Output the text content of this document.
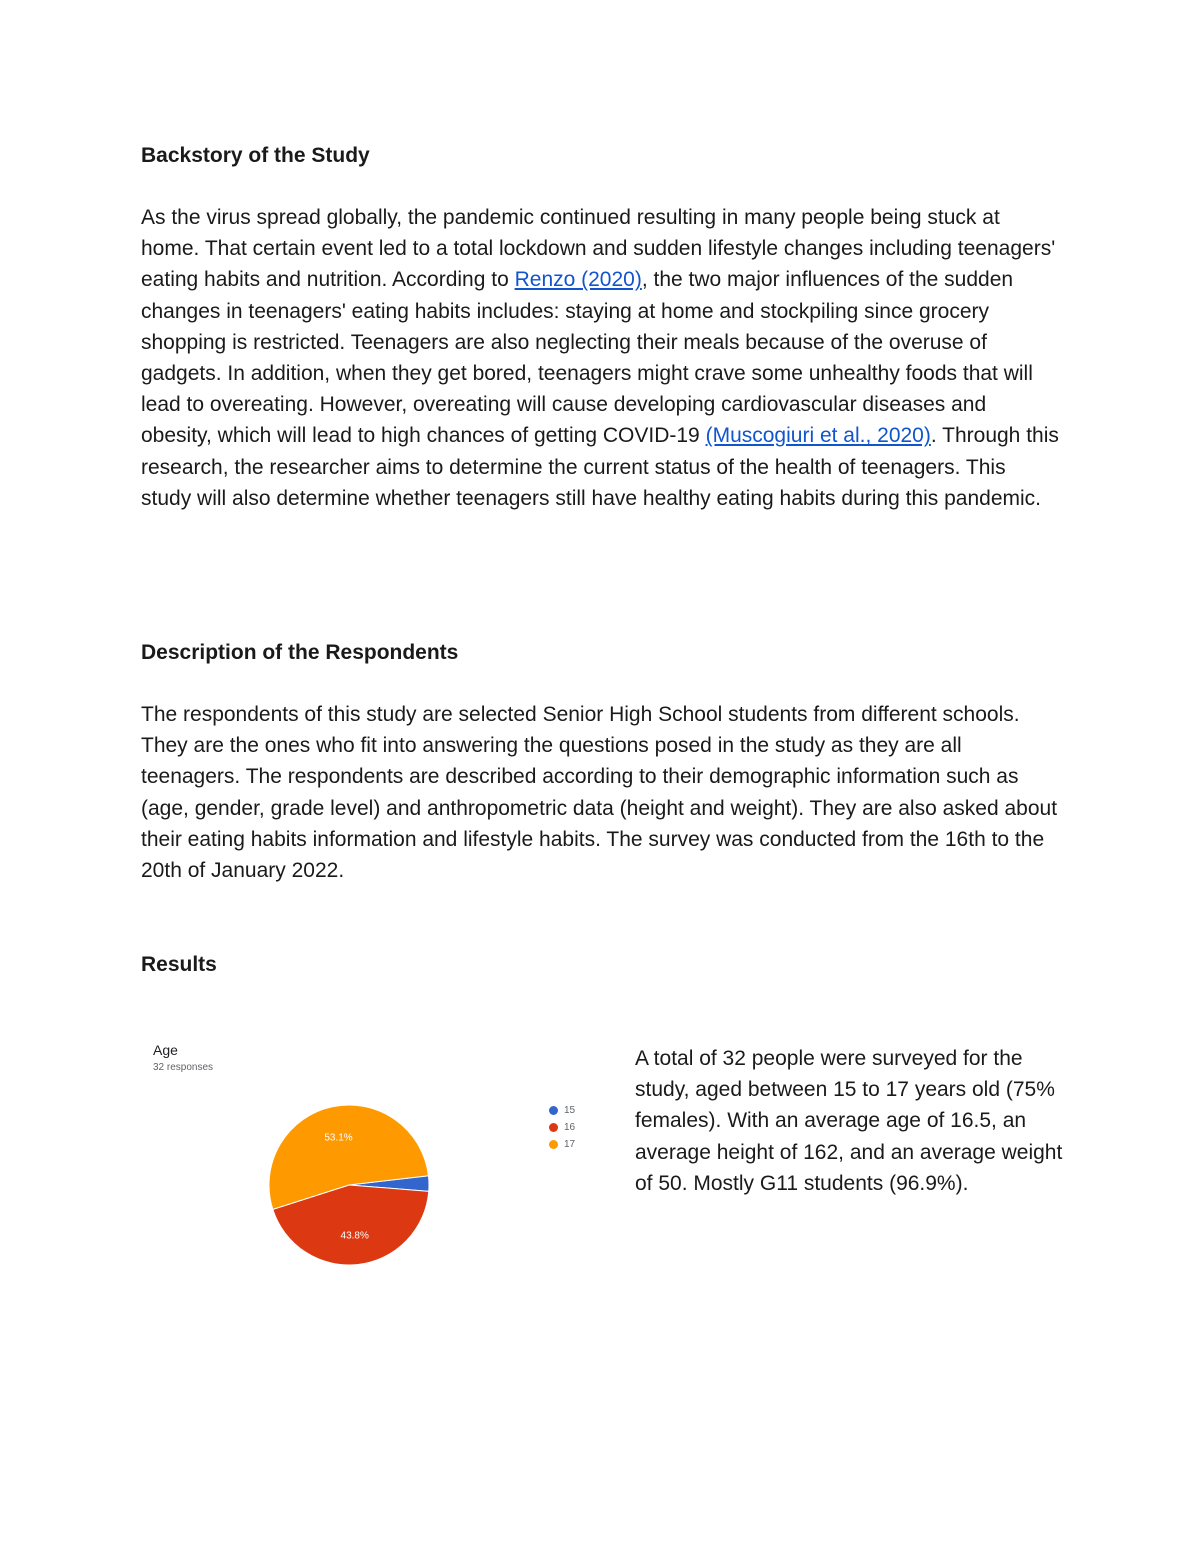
Backstory of the Study

As the virus spread globally, the pandemic continued resulting in many people being stuck at home. That certain event led to a total lockdown and sudden lifestyle changes including teenagers' eating habits and nutrition. According to Renzo (2020), the two major influences of the sudden changes in teenagers' eating habits includes: staying at home and stockpiling since grocery shopping is restricted. Teenagers are also neglecting their meals because of the overuse of gadgets. In addition, when they get bored, teenagers might crave some unhealthy foods that will lead to overeating. However, overeating will cause developing cardiovascular diseases and obesity, which will lead to high chances of getting COVID-19 (Muscogiuri et al., 2020). Through this research, the researcher aims to determine the current status of the health of teenagers. This study will also determine whether teenagers still have healthy eating habits during this pandemic.

Description of the Respondents

The respondents of this study are selected Senior High School students from different schools. They are the ones who fit into answering the questions posed in the study as they are all teenagers. The respondents are described according to their demographic information such as (age, gender, grade level) and anthropometric data (height and weight). They are also asked about their eating habits information and lifestyle habits. The survey was conducted from the 16th to the 20th of January 2022.

Results

Age

32 responses

43.8%
53.1%
15
16
17

A total of 32 people were surveyed for the study, aged between 15 to 17 years old (75% females). With an average age of 16.5, an average height of 162, and an average weight of 50. Mostly G11 students (96.9%).
